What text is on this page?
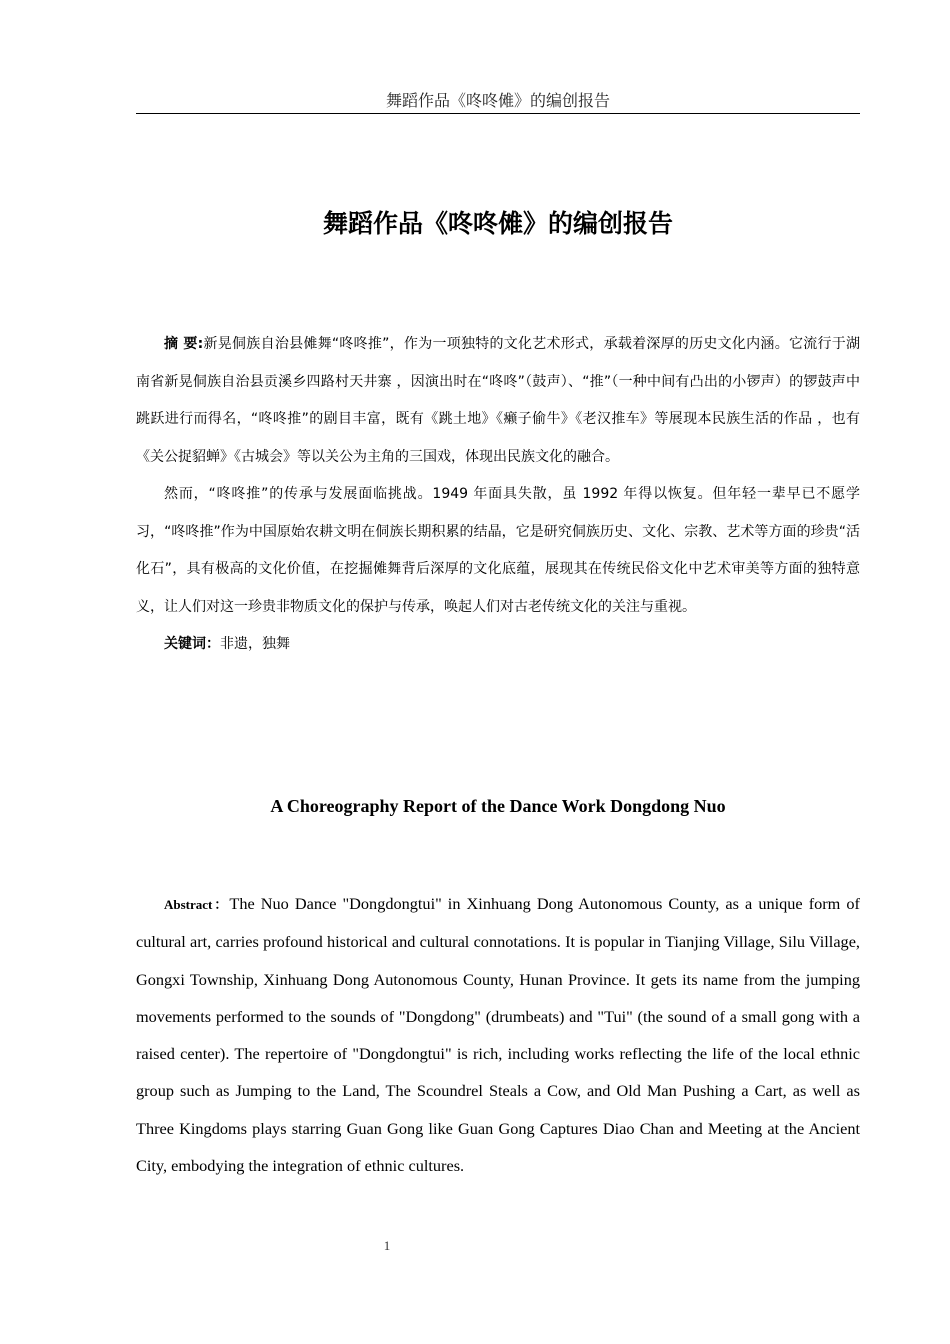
舞蹈作品《咚咚傩》的编创报告
舞蹈作品《咚咚傩》的编创报告

摘 要:新晃侗族自治县傩舞“咚咚推”，作为一项独特的文化艺术形式，承载着深厚的历史文化内涵。它流行于湖南省新晃侗族自治县贡溪乡四路村天井寨 ，因演出时在“咚咚”（鼓声）、“推”（一种中间有凸出的小锣声）的锣鼓声中跳跃进行而得名，“咚咚推”的剧目丰富，既有《跳土地》《癞子偷牛》《老汉推车》等展现本民族生活的作品 ，也有《关公捉貂蝉》《古城会》等以关公为主角的三国戏，体现出民族文化的融合。

然而，“咚咚推”的传承与发展面临挑战。1949 年面具失散，虽 1992 年得以恢复。但年轻一辈早已不愿学习，“咚咚推”作为中国原始农耕文明在侗族长期积累的结晶，它是研究侗族历史、文化、宗教、艺术等方面的珍贵“活化石”，具有极高的文化价值，在挖掘傩舞背后深厚的文化底蕴，展现其在传统民俗文化中艺术审美等方面的独特意义，让人们对这一珍贵非物质文化的保护与传承，唤起人们对古老传统文化的关注与重视。

关键词：非遗，独舞

A Choreography Report of the Dance Work Dongdong Nuo

Abstract：The Nuo Dance "Dongdongtui" in Xinhuang Dong Autonomous County, as a unique form of cultural art, carries profound historical and cultural connotations. It is popular in Tianjing Village, Silu Village, Gongxi Township, Xinhuang Dong Autonomous County, Hunan Province. It gets its name from the jumping movements performed to the sounds of "Dongdong" (drumbeats) and "Tui" (the sound of a small gong with a raised center). The repertoire of "Dongdongtui" is rich, including works reflecting the life of the local ethnic group such as Jumping to the Land, The Scoundrel Steals a Cow, and Old Man Pushing a Cart, as well as Three Kingdoms plays starring Guan Gong like Guan Gong Captures Diao Chan and Meeting at the Ancient City, embodying the integration of ethnic cultures.

1
